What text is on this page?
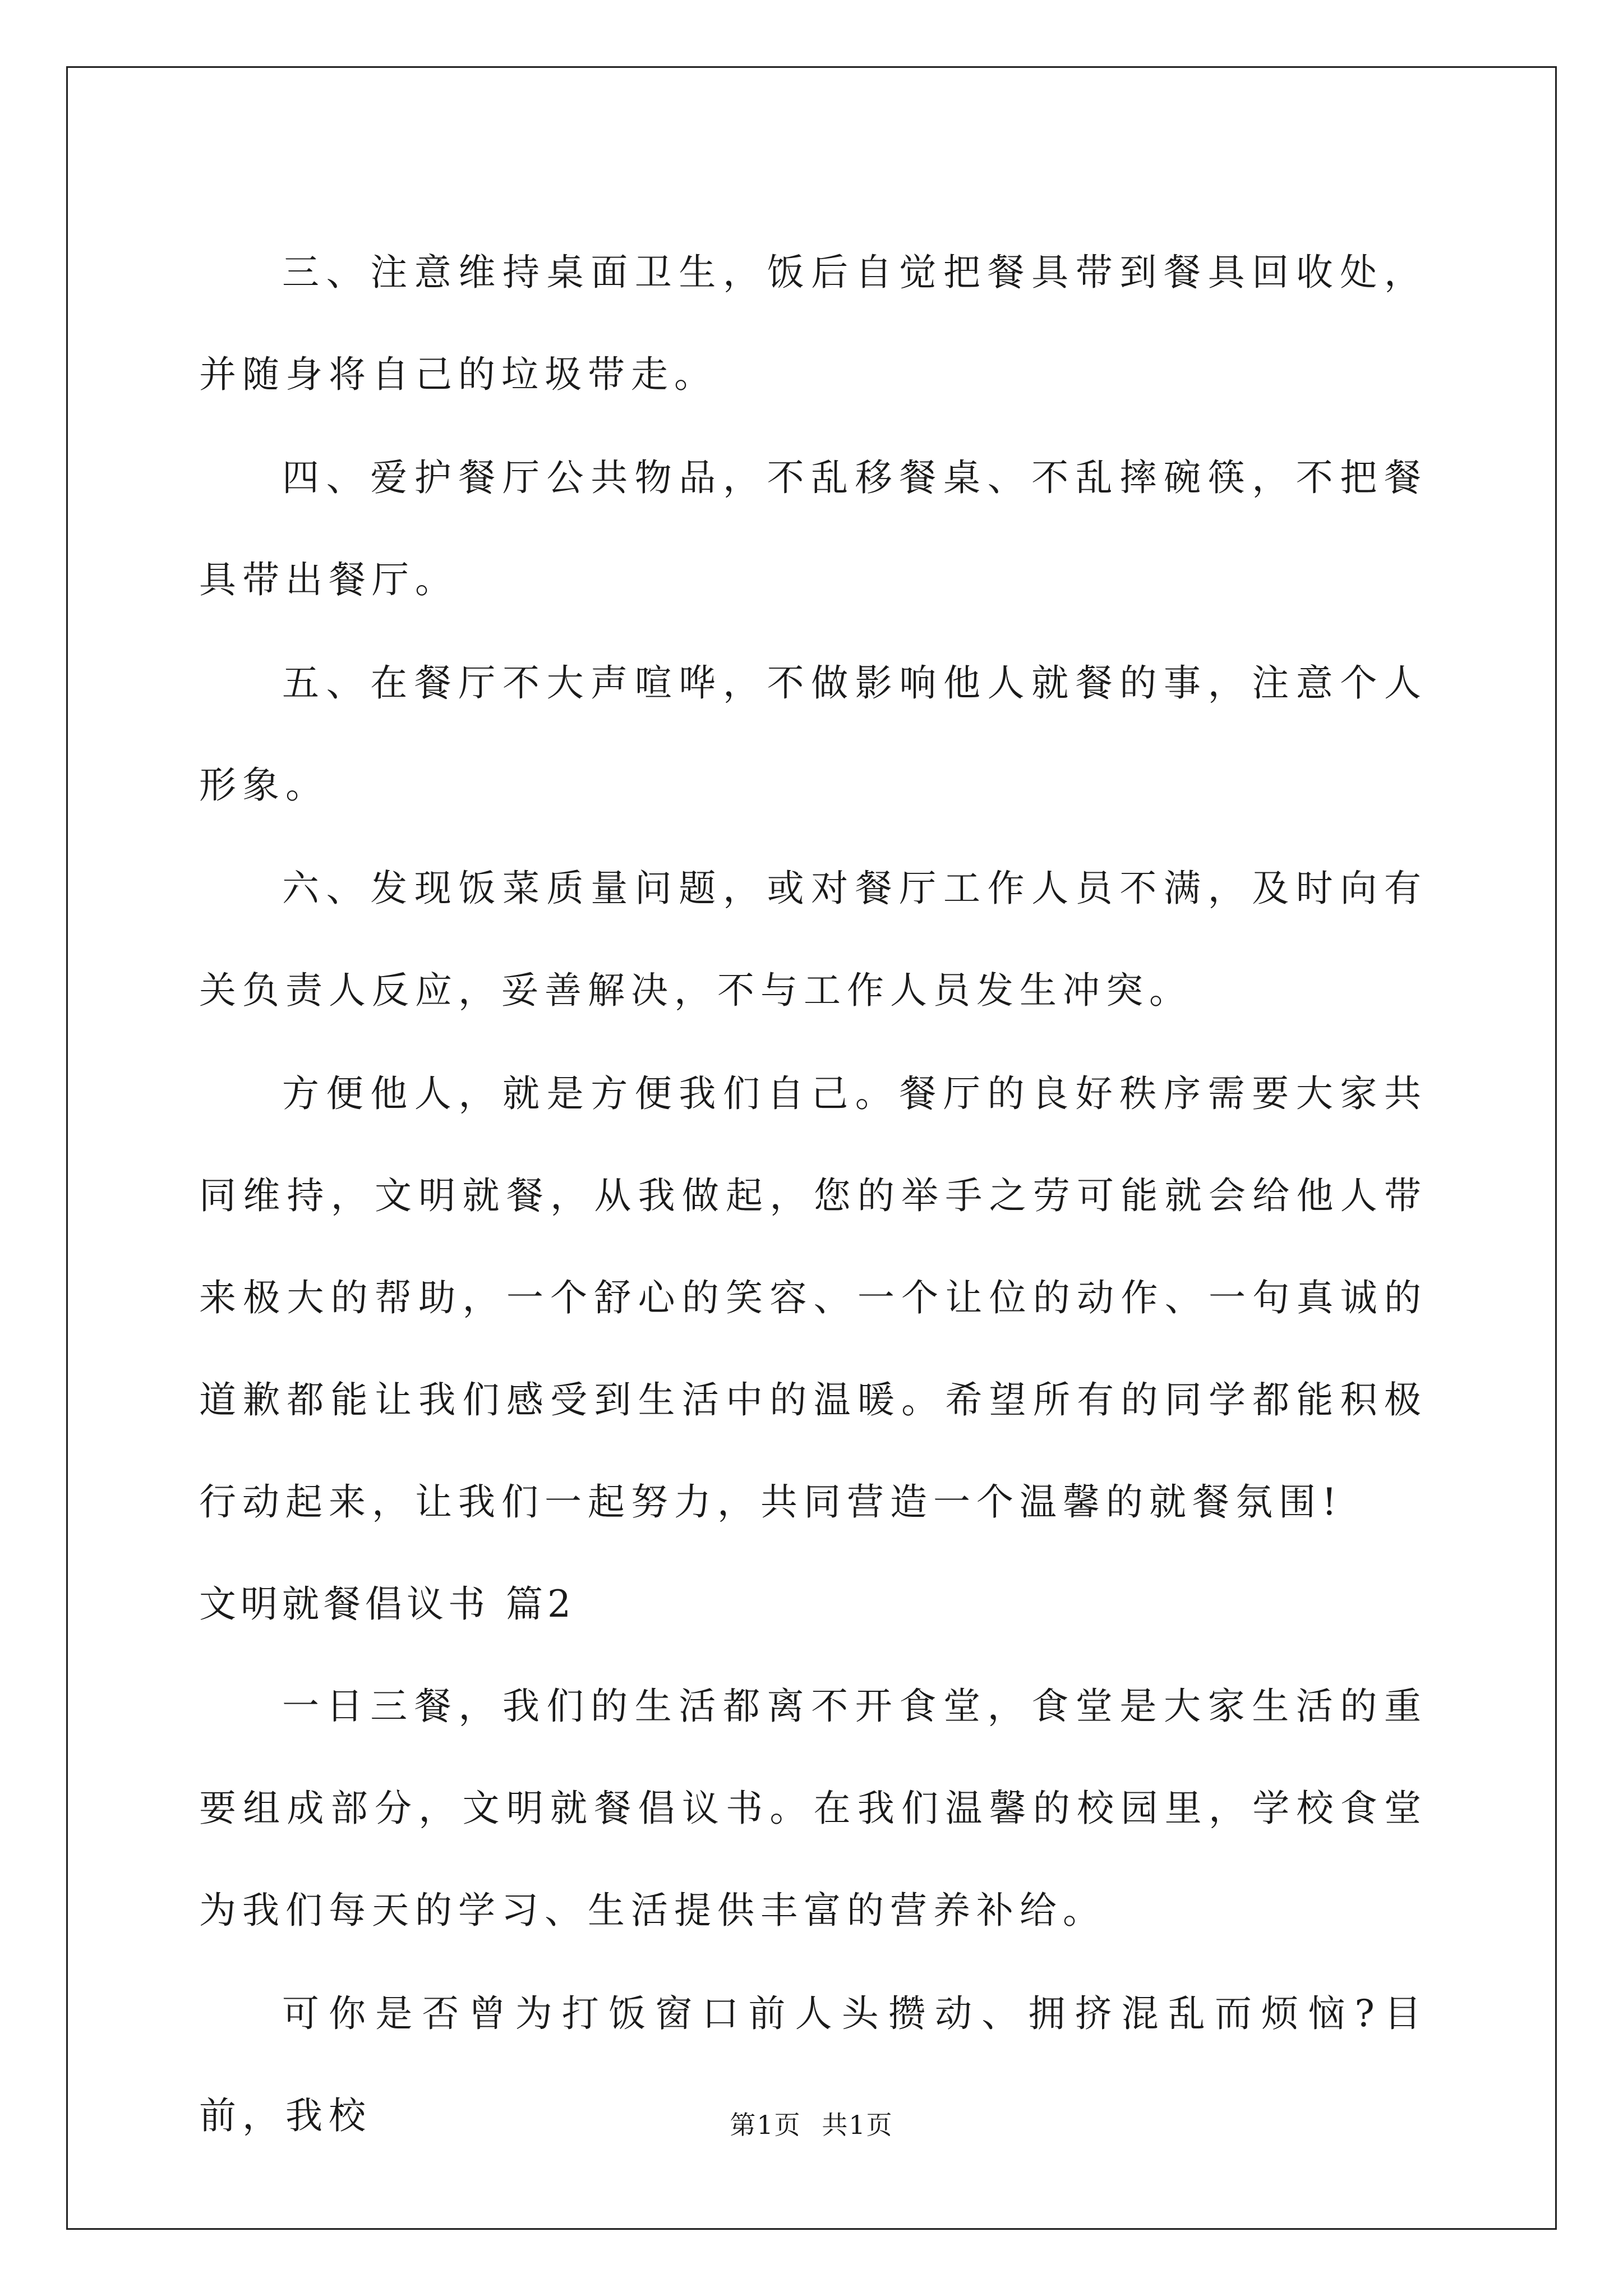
三、注意维持桌面卫生，饭后自觉把餐具带到餐具回收处，并随身将自己的垃圾带走。

四、爱护餐厅公共物品，不乱移餐桌、不乱摔碗筷，不把餐具带出餐厅。

五、在餐厅不大声喧哗，不做影响他人就餐的事，注意个人形象。

六、发现饭菜质量问题，或对餐厅工作人员不满，及时向有关负责人反应，妥善解决，不与工作人员发生冲突。

方便他人，就是方便我们自己。餐厅的良好秩序需要大家共同维持，文明就餐，从我做起，您的举手之劳可能就会给他人带来极大的帮助，一个舒心的笑容、一个让位的动作、一句真诚的道歉都能让我们感受到生活中的温暖。希望所有的同学都能积极行动起来，让我们一起努力，共同营造一个温馨的就餐氛围!

文明就餐倡议书 篇2

一日三餐，我们的生活都离不开食堂，食堂是大家生活的重要组成部分，文明就餐倡议书。在我们温馨的校园里，学校食堂为我们每天的学习、生活提供丰富的营养补给。

可你是否曾为打饭窗口前人头攒动、拥挤混乱而烦恼?目前，我校	第1页 共1页
